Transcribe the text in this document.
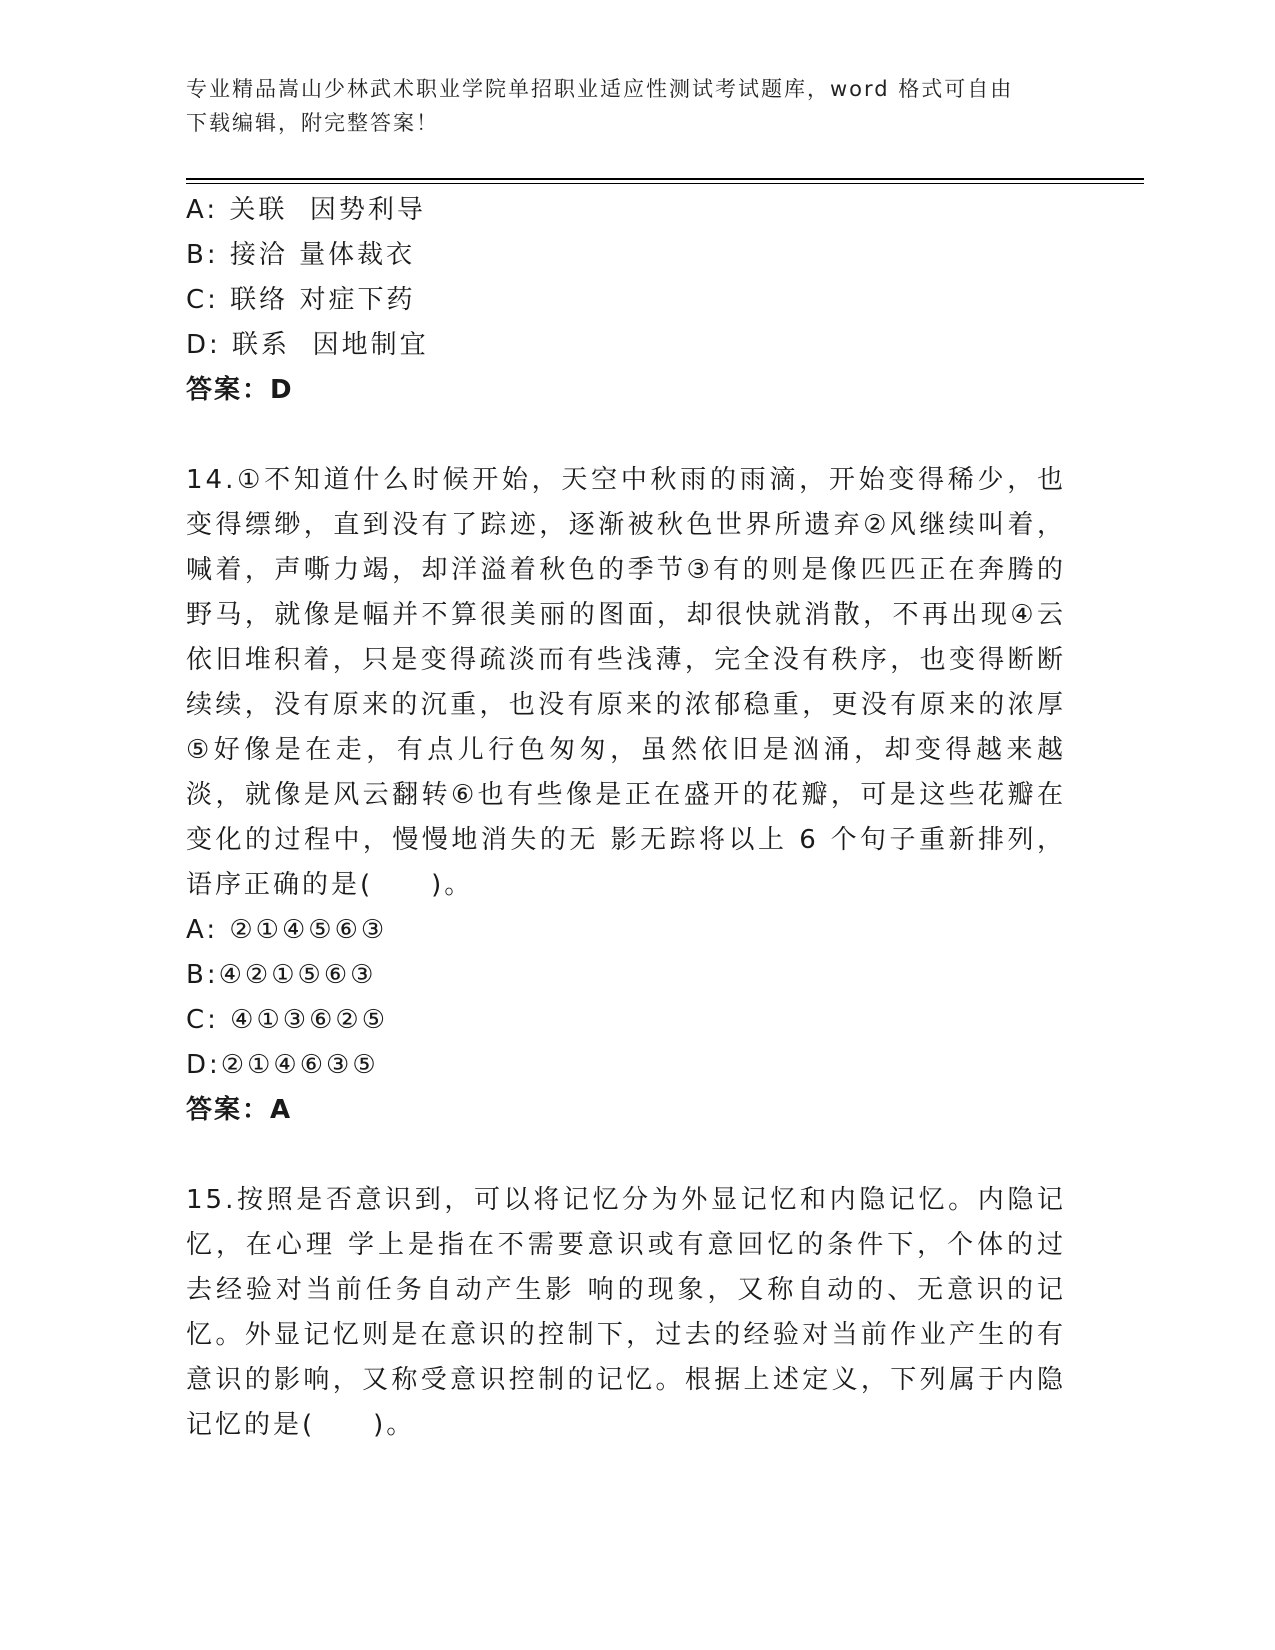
专业精品嵩山少林武术职业学院单招职业适应性测试考试题库，word 格式可自由
下载编辑，附完整答案！
A: 关联  因势利导
B: 接洽 量体裁衣
C: 联络 对症下药
D: 联系  因地制宜
答案：D
14.①不知道什么时候开始，天空中秋雨的雨滴，开始变得稀少，也变得缥缈，直到没有了踪迹，逐渐被秋色世界所遗弃②风继续叫着，喊着，声嘶力竭，却洋溢着秋色的季节③有的则是像匹匹正在奔腾的野马，就像是幅并不算很美丽的图面，却很快就消散，不再出现④云依旧堆积着，只是变得疏淡而有些浅薄，完全没有秩序，也变得断断续续，没有原来的沉重，也没有原来的浓郁稳重，更没有原来的浓厚⑤好像是在走，有点儿行色匆匆，虽然依旧是汹涌，却变得越来越淡，就像是风云翻转⑥也有些像是正在盛开的花瓣，可是这些花瓣在变化的过程中，慢慢地消失的无 影无踪将以上 6 个句子重新排列，语序正确的是(　　)。
A: ②①④⑤⑥③
B:④②①⑤⑥③
C: ④①③⑥②⑤
D:②①④⑥③⑤
答案：A
15.按照是否意识到，可以将记忆分为外显记忆和内隐记忆。内隐记忆，在心理 学上是指在不需要意识或有意回忆的条件下，个体的过去经验对当前任务自动产生影 响的现象，又称自动的、无意识的记忆。外显记忆则是在意识的控制下，过去的经验对当前作业产生的有意识的影响，又称受意识控制的记忆。根据上述定义，下列属于内隐记忆的是(　　)。
